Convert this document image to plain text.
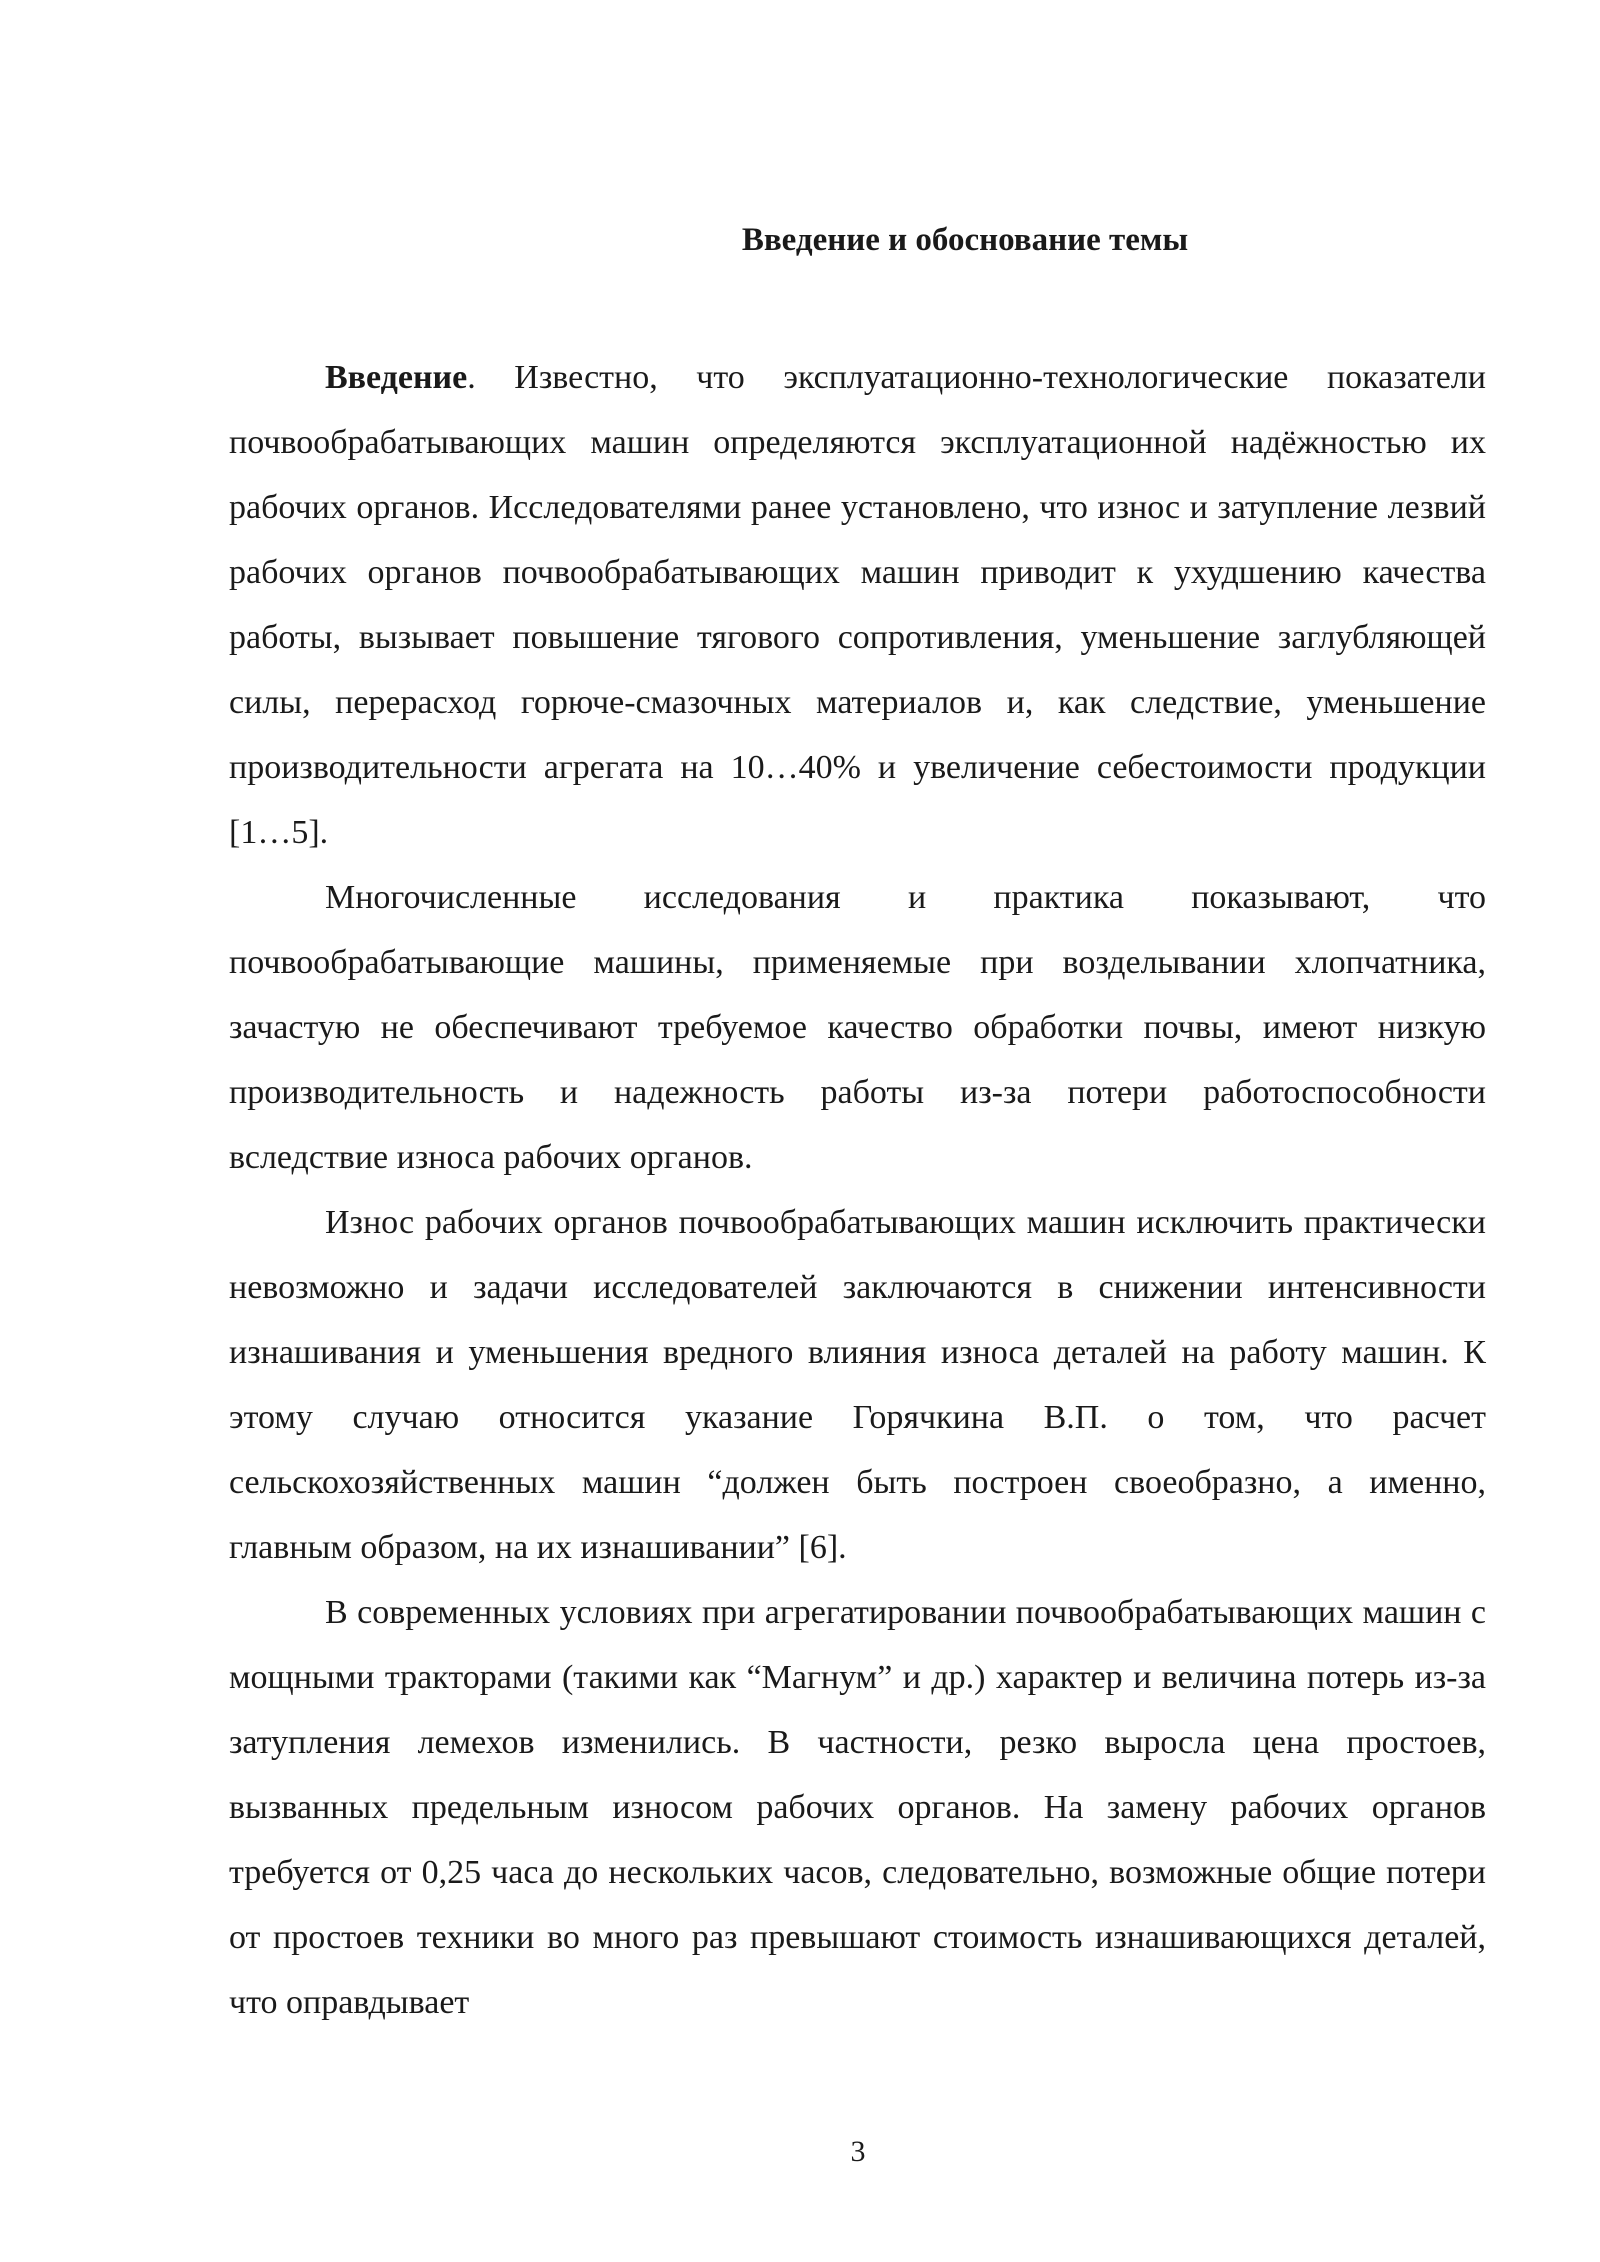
Введение и обоснование темы

Введение. Известно, что эксплуатационно-технологические показатели почвообрабатывающих машин определяются эксплуатационной надёжностью их рабочих органов. Исследователями ранее установлено, что износ и затупление лезвий рабочих органов почвообрабатывающих машин приводит к ухудшению качества работы, вызывает повышение тягового сопротивления, уменьшение заглубляющей силы, перерасход горюче-смазочных материалов и, как следствие, уменьшение производительности агрегата на 10…40% и увеличение себестоимости продукции [1…5].

Многочисленные исследования и практика показывают, что почвообрабатывающие машины, применяемые при возделывании хлопчатника, зачастую не обеспечивают требуемое качество обработки почвы, имеют низкую производительность и надежность работы из-за потери работоспособности вследствие износа рабочих органов.

Износ рабочих органов почвообрабатывающих машин исключить практически невозможно и задачи исследователей заключаются в снижении интенсивности изнашивания и уменьшения вредного влияния износа деталей на работу машин. К этому случаю относится указание Горячкина В.П. о том, что расчет сельскохозяйственных машин “должен быть построен своеобразно, а именно, главным образом, на их изнашивании” [6].

В современных условиях при агрегатировании почвообрабатывающих машин с мощными тракторами (такими как “Магнум” и др.) характер и величина потерь из-за затупления лемехов изменились. В частности, резко выросла цена простоев, вызванных предельным износом рабочих органов. На замену рабочих органов требуется от 0,25 часа до нескольких часов, следовательно, возможные общие потери от простоев техники во много раз превышают стоимость изнашивающихся деталей, что оправдывает

3
